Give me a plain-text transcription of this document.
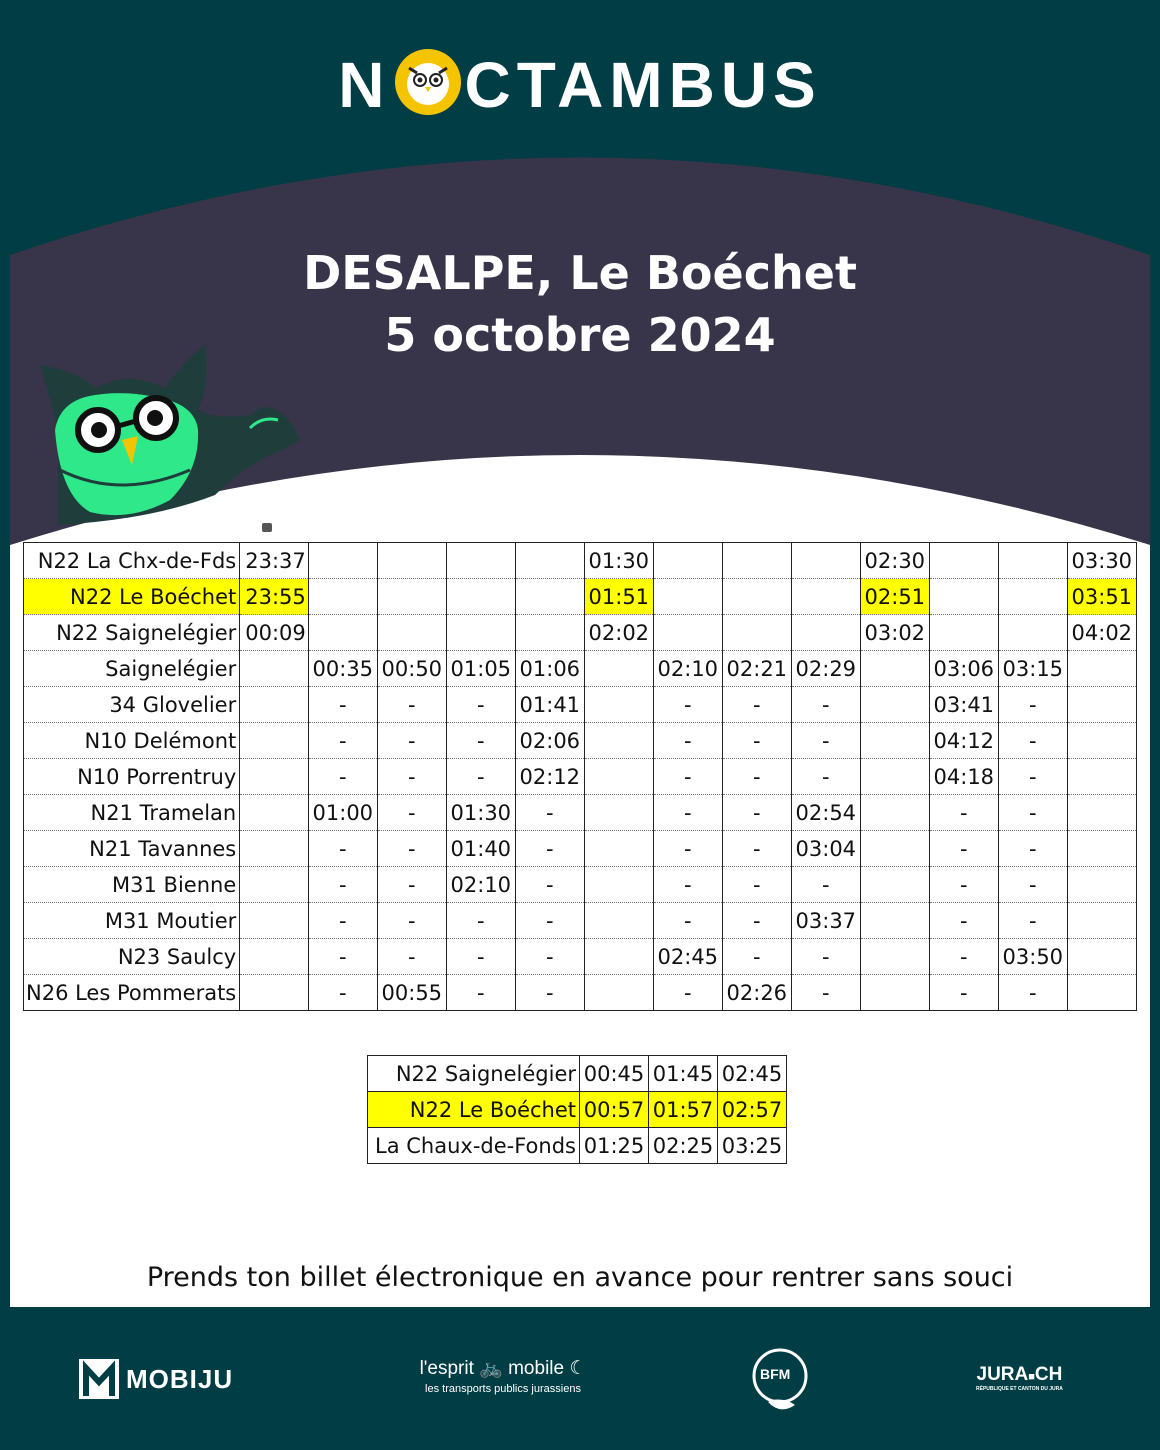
N CTAMBUS
DESALPE, Le Boéchet
5 octobre 2024
N22 La Chx-de-Fds	23:37					01:30				02:30			03:30
N22 Le Boéchet	23:55					01:51				02:51			03:51
N22 Saignelégier	00:09					02:02				03:02			04:02
Saignelégier		00:35	00:50	01:05	01:06		02:10	02:21	02:29		03:06	03:15	
34 Glovelier		-	-	-	01:41		-	-	-		03:41	-	
N10 Delémont		-	-	-	02:06		-	-	-		04:12	-	
N10 Porrentruy		-	-	-	02:12		-	-	-		04:18	-	
N21 Tramelan		01:00	-	01:30	-		-	-	02:54		-	-	
N21 Tavannes		-	-	01:40	-		-	-	03:04		-	-	
M31 Bienne		-	-	02:10	-		-	-	-		-	-	
M31 Moutier		-	-	-	-		-	-	03:37		-	-	
N23 Saulcy		-	-	-	-		02:45	-	-		-	03:50	
N26 Les Pommerats		-	00:55	-	-		-	02:26	-		-	-	
N22 Saignelégier	00:45	01:45	02:45
N22 Le Boéchet	00:57	01:57	02:57
La Chaux-de-Fonds	01:25	02:25	03:25
Prends ton billet électronique en avance pour rentrer sans souci
MOBIJU	l'esprit 🚲 mobile ☾
les transports publics jurassiens
BFM	JURA■CH
RÉPUBLIQUE ET CANTON DU JURA
